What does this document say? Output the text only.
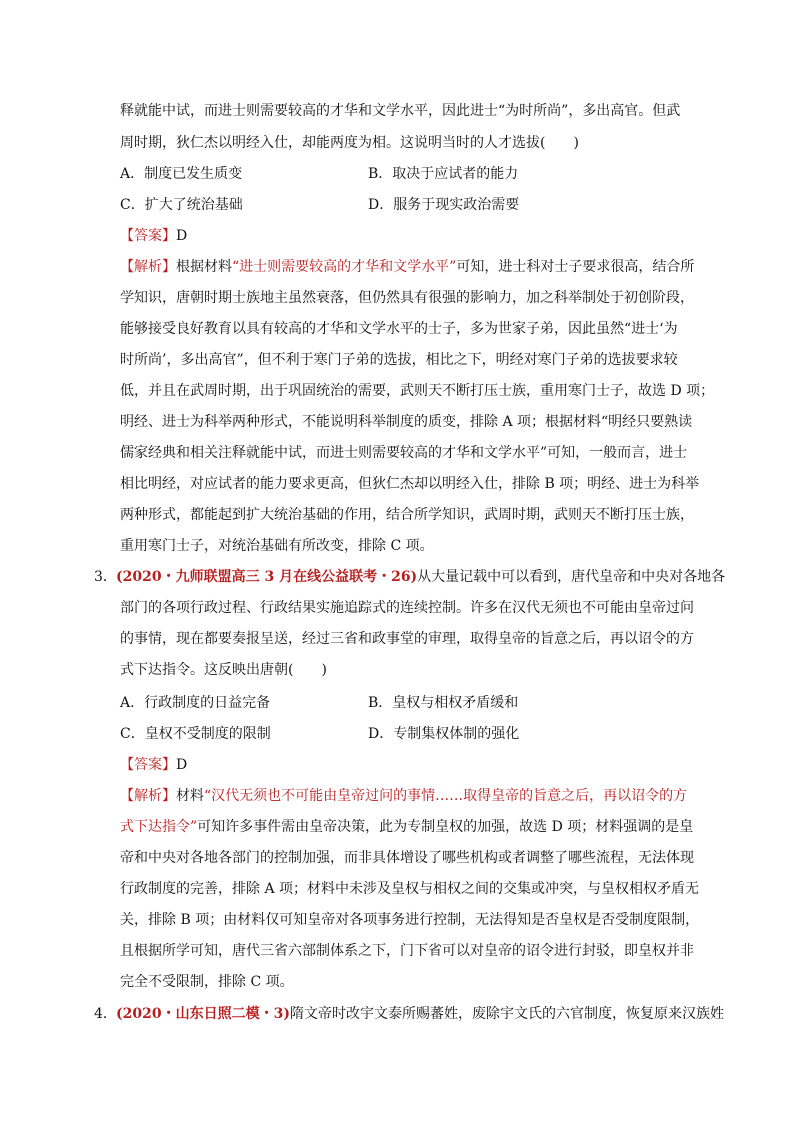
释就能中试，而进士则需要较高的才华和文学水平，因此进士“为时所尚”，多出高官。但武
周时期，狄仁杰以明经入仕，却能两度为相。这说明当时的人才选拔(　　)
A．制度已发生质变	B．取决于应试者的能力
C．扩大了统治基础	D．服务于现实政治需要
【答案】D
【解析】根据材料“进士则需要较高的才华和文学水平”可知，进士科对士子要求很高，结合所
学知识，唐朝时期士族地主虽然衰落，但仍然具有很强的影响力，加之科举制处于初创阶段，
能够接受良好教育以具有较高的才华和文学水平的士子，多为世家子弟，因此虽然“进士‘为
时所尚’，多出高官”，但不利于寒门子弟的选拔，相比之下，明经对寒门子弟的选拔要求较
低，并且在武周时期，出于巩固统治的需要，武则天不断打压士族，重用寒门士子，故选 D 项；
明经、进士为科举两种形式，不能说明科举制度的质变，排除 A 项；根据材料“明经只要熟读
儒家经典和相关注释就能中试，而进士则需要较高的才华和文学水平”可知，一般而言，进士
相比明经，对应试者的能力要求更高，但狄仁杰却以明经入仕，排除 B 项；明经、进士为科举
两种形式，都能起到扩大统治基础的作用，结合所学知识，武周时期，武则天不断打压士族，
重用寒门士子，对统治基础有所改变，排除 C 项。
3． (2020・九师联盟高三 3 月在线公益联考・26)从大量记载中可以看到，唐代皇帝和中央对各地各
部门的各项行政过程、行政结果实施追踪式的连续控制。许多在汉代无须也不可能由皇帝过问
的事情，现在都要奏报呈送，经过三省和政事堂的审理，取得皇帝的旨意之后，再以诏令的方
式下达指令。这反映出唐朝(　　)
A．行政制度的日益完备	B．皇权与相权矛盾缓和
C．皇权不受制度的限制	D．专制集权体制的强化
【答案】D
【解析】材料“汉代无须也不可能由皇帝过问的事情……取得皇帝的旨意之后，再以诏令的方
式下达指令”可知许多事件需由皇帝决策，此为专制皇权的加强，故选 D 项；材料强调的是皇
帝和中央对各地各部门的控制加强，而非具体增设了哪些机构或者调整了哪些流程，无法体现
行政制度的完善，排除 A 项；材料中未涉及皇权与相权之间的交集或冲突，与皇权相权矛盾无
关，排除 B 项；由材料仅可知皇帝对各项事务进行控制，无法得知是否皇权是否受制度限制，
且根据所学可知，唐代三省六部制体系之下，门下省可以对皇帝的诏令进行封驳，即皇权并非
完全不受限制，排除 C 项。
4． (2020・山东日照二模・3)隋文帝时改宇文泰所赐蕃姓，废除宇文氏的六官制度，恢复原来汉族姓
